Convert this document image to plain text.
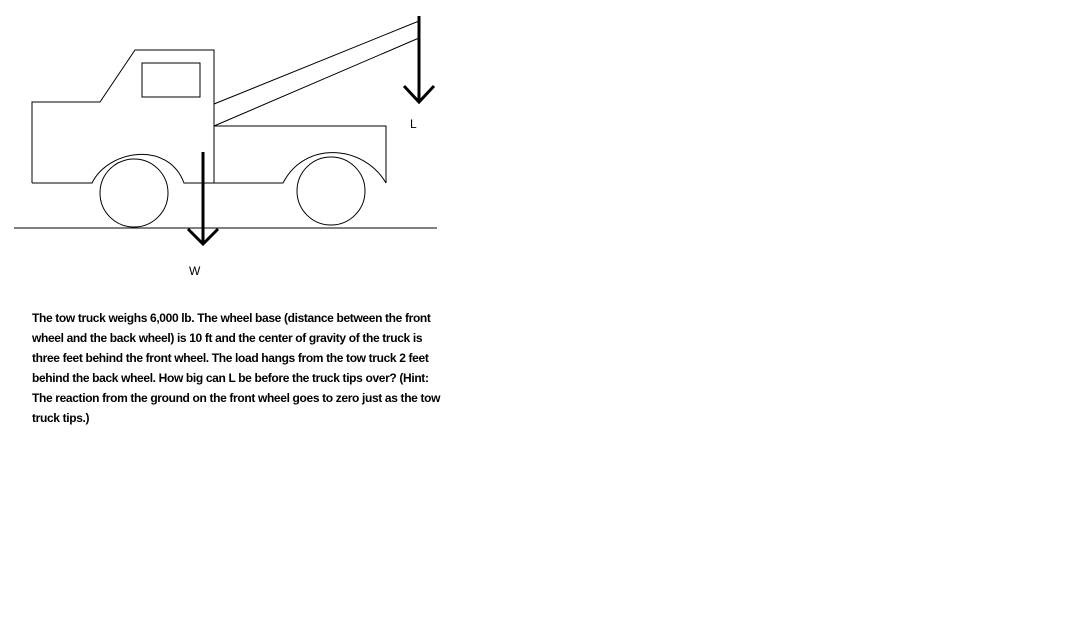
L
W

The tow truck weighs 6,000 lb. The wheel base (distance between the front wheel and the back wheel) is 10 ft and the center of gravity of the truck is three feet behind the front wheel. The load hangs from the tow truck 2 feet behind the back wheel. How big can L be before the truck tips over? (Hint: The reaction from the ground on the front wheel goes to zero just as the tow truck tips.)
